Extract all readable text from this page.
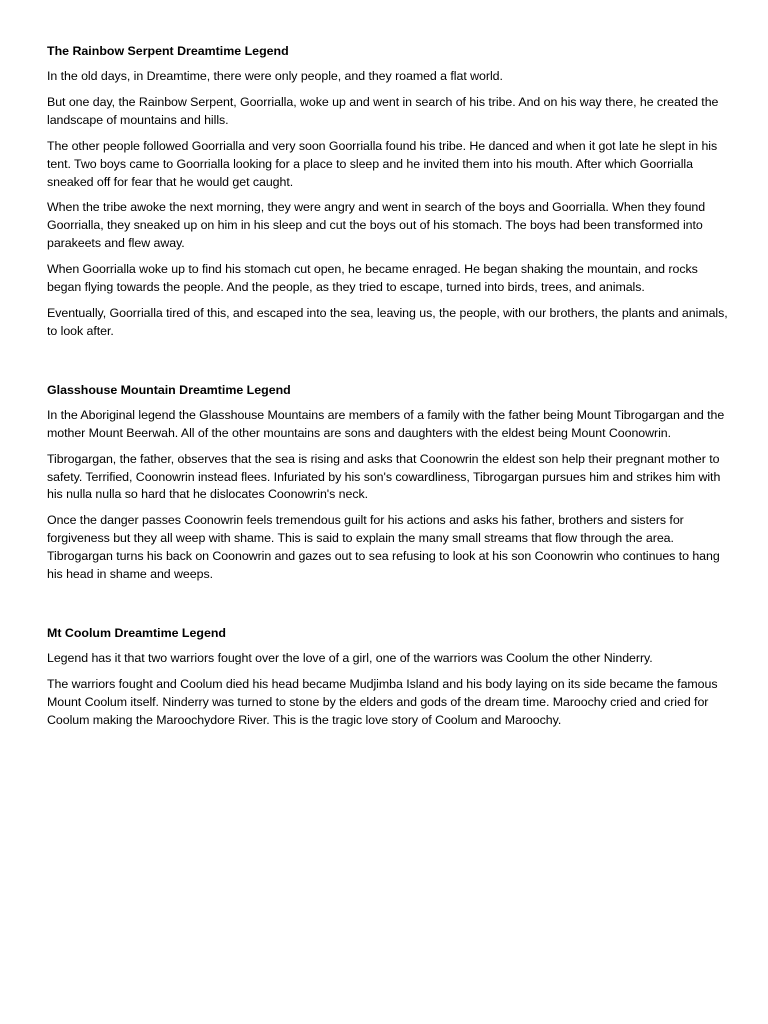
The Rainbow Serpent Dreamtime Legend

In the old days, in Dreamtime, there were only people, and they roamed a flat world.

But one day, the Rainbow Serpent, Goorrialla, woke up and went in search of his tribe. And on his way there, he created the landscape of mountains and hills.

The other people followed Goorrialla and very soon Goorrialla found his tribe. He danced and when it got late he slept in his tent. Two boys came to Goorrialla looking for a place to sleep and he invited them into his mouth. After which Goorrialla sneaked off for fear that he would get caught.

When the tribe awoke the next morning, they were angry and went in search of the boys and Goorrialla. When they found Goorrialla, they sneaked up on him in his sleep and cut the boys out of his stomach. The boys had been transformed into parakeets and flew away.

When Goorrialla woke up to find his stomach cut open, he became enraged. He began shaking the mountain, and rocks began flying towards the people. And the people, as they tried to escape, turned into birds, trees, and animals.

Eventually, Goorrialla tired of this, and escaped into the sea, leaving us, the people, with our brothers, the plants and animals, to look after.

Glasshouse Mountain Dreamtime Legend

In the Aboriginal legend the Glasshouse Mountains are members of a family with the father being Mount Tibrogargan and the mother Mount Beerwah. All of the other mountains are sons and daughters with the eldest being Mount Coonowrin.

Tibrogargan, the father, observes that the sea is rising and asks that Coonowrin the eldest son help their pregnant mother to safety. Terrified, Coonowrin instead flees. Infuriated by his son's cowardliness, Tibrogargan pursues him and strikes him with his nulla nulla so hard that he dislocates Coonowrin's neck.

Once the danger passes Coonowrin feels tremendous guilt for his actions and asks his father, brothers and sisters for forgiveness but they all weep with shame. This is said to explain the many small streams that flow through the area. Tibrogargan turns his back on Coonowrin and gazes out to sea refusing to look at his son Coonowrin who continues to hang his head in shame and weeps.

Mt Coolum Dreamtime Legend

Legend has it that two warriors fought over the love of a girl, one of the warriors was Coolum the other Ninderry.

The warriors fought and Coolum died his head became Mudjimba Island and his body laying on its side became the famous Mount Coolum itself. Ninderry was turned to stone by the elders and gods of the dream time. Maroochy cried and cried for Coolum making the Maroochydore River. This is the tragic love story of Coolum and Maroochy.
